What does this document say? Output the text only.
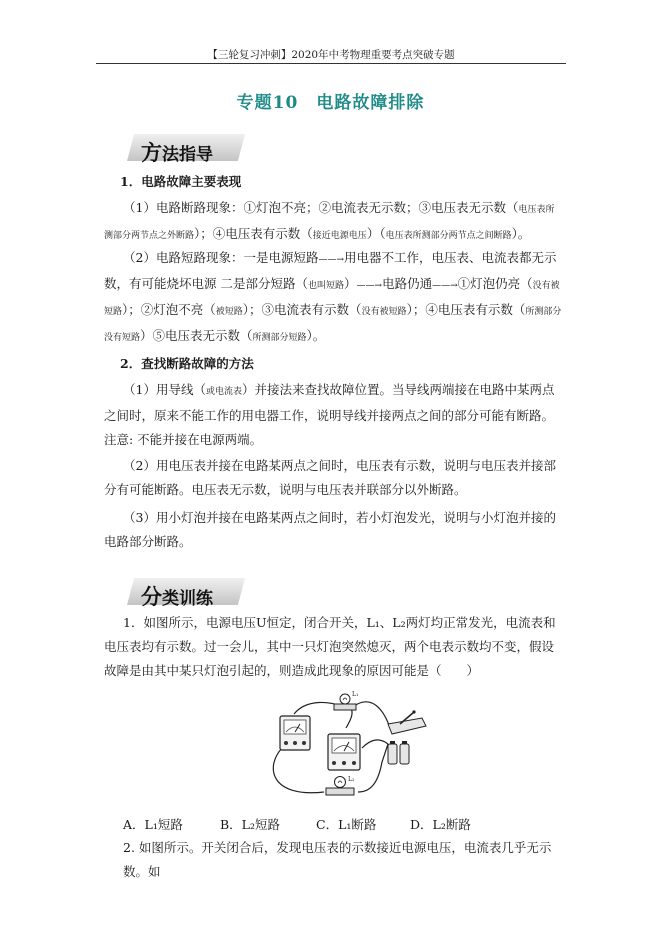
【三轮复习冲刺】2020年中考物理重要考点突破专题
专题10　电路故障排除
方法指导
1．电路故障主要表现
（1）电路断路现象：①灯泡不亮；②电流表无示数；③电压表无示数（电压表所测部分两节点之外断路）；④电压表有示数（接近电源电压）（电压表所测部分两节点之间断路）。
（2）电路短路现象：一是电源短路——→用电器不工作，电压表、电流表都无示数，有可能烧坏电源 二是部分短路（也叫短路）——→电路仍通——→①灯泡仍亮（没有被短路）；②灯泡不亮（被短路）；③电流表有示数（没有被短路）；④电压表有示数（所测部分没有短路）⑤电压表无示数（所测部分短路）。
2．查找断路故障的方法
（1）用导线（或电流表）并接法来查找故障位置。当导线两端接在电路中某两点之间时，原来不能工作的用电器工作，说明导线并接两点之间的部分可能有断路。注意: 不能并接在电源两端。
（2）用电压表并接在电路某两点之间时，电压表有示数，说明与电压表并接部分有可能断路。电压表无示数，说明与电压表并联部分以外断路。
（3）用小灯泡并接在电路某两点之间时，若小灯泡发光，说明与小灯泡并接的电路部分断路。
分类训练
1．如图所示，电源电压U恒定，闭合开关，L₁、L₂两灯均正常发光，电流表和电压表均有示数。过一会儿，其中一只灯泡突然熄灭，两个电表示数均不变，假设故障是由其中某只灯泡引起的，则造成此现象的原因可能是（　　）
L₁
L₂
A．L₁短路	B．L₂短路	C．L₁断路	D．L₂断路
2. 如图所示。开关闭合后，发现电压表的示数接近电源电压，电流表几乎无示数。如
